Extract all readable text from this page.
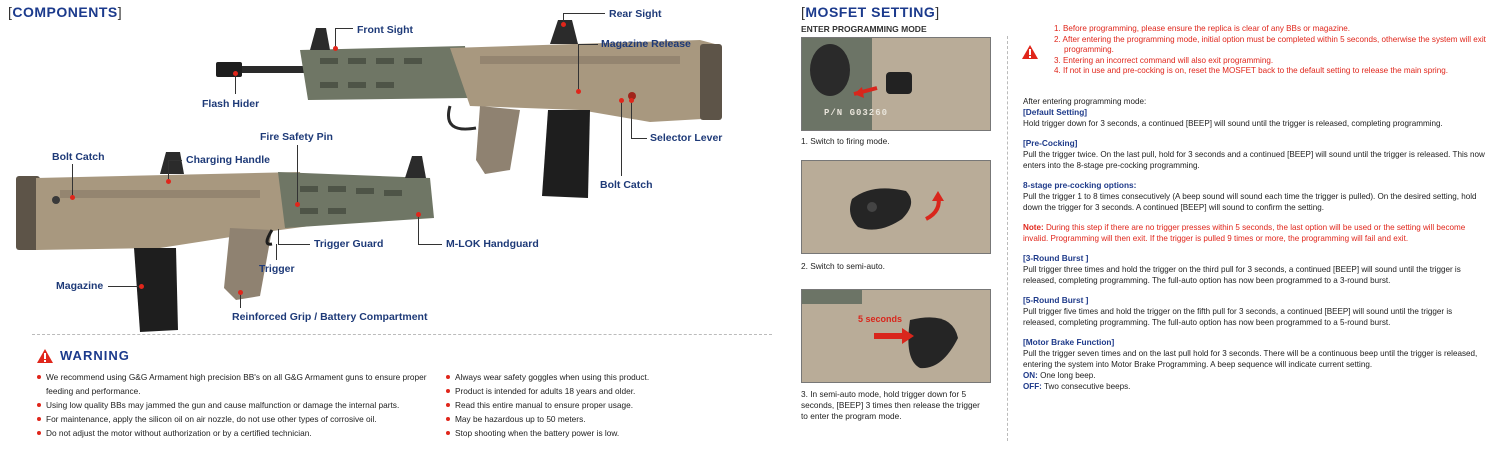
[COMPONENTS]
Front Sight
Rear Sight
Magazine Release
Flash Hider
Selector Lever
Bolt Catch
Bolt Catch	Charging Handle
Fire Safety Pin
Trigger Guard	M-LOK Handguard
Trigger
Magazine
Reinforced Grip / Battery Compartment
WARNING
We recommend using G&G Armament high precision BB's on all G&G Armament guns to ensure proper feeding and performance.
Using low quality BBs may jammed the gun and cause malfunction or damage the internal parts.
For maintenance, apply the silicon oil on air nozzle, do not use other types of corrosive oil.
Do not adjust the motor without authorization or by a certified technician.
Always wear safety goggles when using this product.
Product is intended for adults 18 years and older.
Read this entire manual to ensure proper usage.
May be hazardous up to 50 meters.
Stop shooting when the battery power is low.
[MOSFET SETTING]
ENTER PROGRAMMING MODE
P/N G03260
1. Switch to firing mode.
2. Switch to semi-auto.
5 seconds
3. In semi-auto mode, hold trigger down for 5 seconds, [BEEP] 3 times then release the trigger to enter the program mode.
1. Before programming, please ensure the replica is clear of any BBs or magazine.
2. After entering the programming mode, initial option must be completed within 5 seconds, otherwise the system will exit programming.
3. Entering an incorrect command will also exit programming.
4. If not in use and pre-cocking is on, reset the MOSFET back to the default setting to release the main spring.
After entering programming mode:
[Default Setting]
Hold trigger down for 3 seconds, a continued [BEEP] will sound until the trigger is released, completing programming.
[Pre-Cocking]
Pull the trigger twice. On the last pull, hold for 3 seconds and a continued [BEEP] will sound until the trigger is released. This now enters into the 8-stage pre-cocking programming.
8-stage pre-cocking options:
Pull the trigger 1 to 8 times consecutively (A beep sound will sound each time the trigger is pulled). On the desired setting, hold down the trigger for 3 seconds. A continued [BEEP] will sound to confirm the setting.
Note: During this step if there are no trigger presses within 5 seconds, the last option will be used or the setting will become invalid. Programming will then exit. If the trigger is pulled 9 times or more, the programming will fail and exit.
[3-Round Burst ]
Pull trigger three times and hold the trigger on the third pull for 3 seconds, a continued [BEEP] will sound until the trigger is released, completing programming. The full-auto option has now been programmed to a 3-round burst.
[5-Round Burst ]
Pull trigger five times and hold the trigger on the fifth pull for 3 seconds, a continued [BEEP] will sound until the trigger is released, completing programming. The full-auto option has now been programmed to a 5-round burst.
[Motor Brake Function]
Pull the trigger seven times and on the last pull hold for 3 seconds. There will be a continuous beep until the trigger is released, entering the system into Motor Brake Programming. A beep sequence will indicate current setting.
ON: One long beep.
OFF: Two consecutive beeps.
